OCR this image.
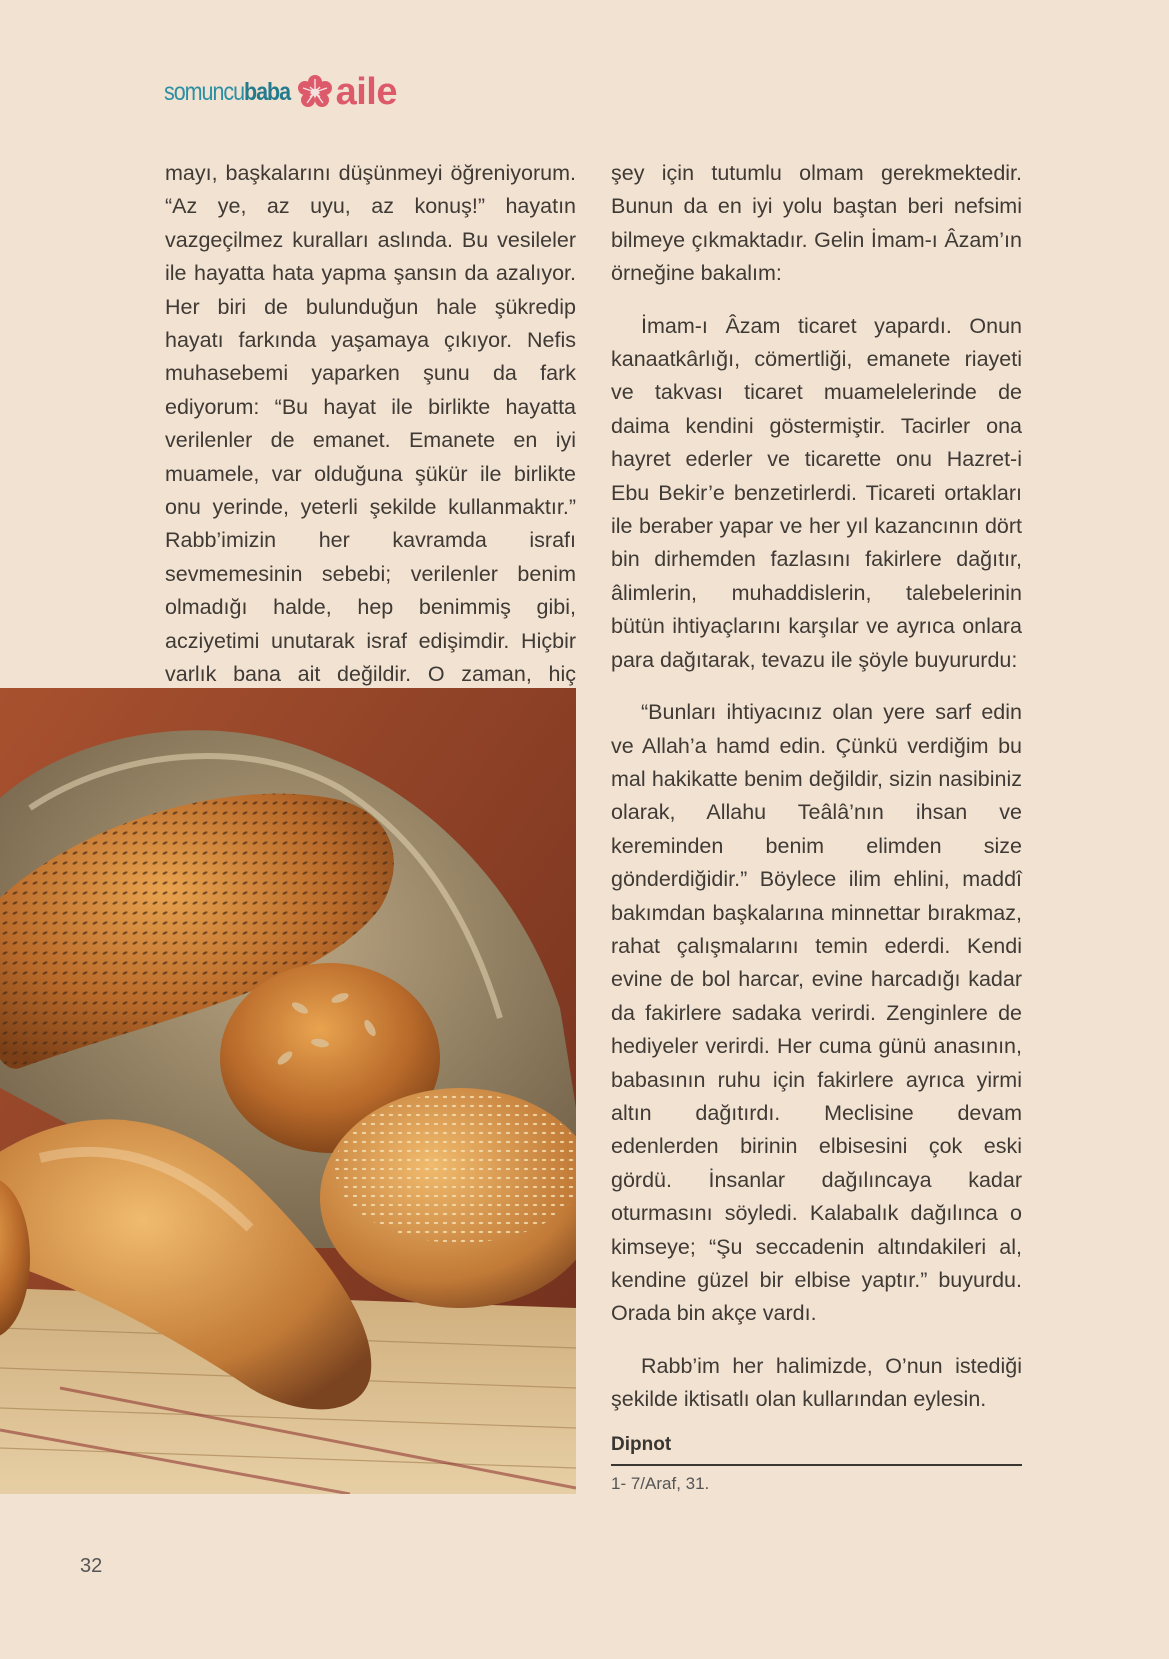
somuncubaba aile

mayı, başkalarını düşünmeyi öğreniyorum. “Az ye, az uyu, az konuş!” hayatın vazgeçilmez kuralları aslında. Bu vesileler ile hayatta hata yapma şansın da azalıyor. Her biri de bulunduğun hale şükredip hayatı farkında yaşamaya çıkıyor. Nefis muhasebemi yaparken şunu da fark ediyorum: “Bu hayat ile birlikte hayatta verilenler de emanet. Emanete en iyi muamele, var olduğuna şükür ile birlikte onu yerinde, yeterli şekilde kullanmaktır.” Rabb’imizin her kavramda israfı sevmemesinin sebebi; verilenler benim olmadığı halde, hep benimmiş gibi, acziyetimi unutarak israf edişimdir. Hiçbir varlık bana ait değildir. O zaman, hiç

şey için tutumlu olmam gerekmektedir. Bunun da en iyi yolu baştan beri nefsimi bilmeye çıkmaktadır. Gelin İmam-ı Âzam’ın örneğine bakalım:

İmam-ı Âzam ticaret yapardı. Onun kanaatkârlığı, cömertliği, emanete riayeti ve takvası ticaret muamelelerinde de daima kendini göstermiştir. Tacirler ona hayret ederler ve ticarette onu Hazret-i Ebu Bekir’e benzetirlerdi. Ticareti ortakları ile beraber yapar ve her yıl kazancının dört bin dirhemden fazlasını fakirlere dağıtır, âlimlerin, muhaddislerin, talebelerinin bütün ihtiyaçlarını karşılar ve ayrıca onlara para dağıtarak, tevazu ile şöyle buyururdu:

“Bunları ihtiyacınız olan yere sarf edin ve Allah’a hamd edin. Çünkü verdiğim bu mal hakikatte benim değildir, sizin nasibiniz olarak, Allahu Teâlâ’nın ihsan ve kereminden benim elimden size gönderdiğidir.” Böylece ilim ehlini, maddî bakımdan başkalarına minnettar bırakmaz, rahat çalışmalarını temin ederdi. Kendi evine de bol harcar, evine harcadığı kadar da fakirlere sadaka verirdi. Zenginlere de hediyeler verirdi. Her cuma günü anasının, babasının ruhu için fakirlere ayrıca yirmi altın dağıtırdı. Meclisine devam edenlerden birinin elbisesini çok eski gördü. İnsanlar dağılıncaya kadar oturmasını söyledi. Kalabalık dağılınca o kimseye; “Şu seccadenin altındakileri al, kendine güzel bir elbise yaptır.” buyurdu. Orada bin akçe vardı.

Rabb’im her halimizde, O’nun istediği şekilde iktisatlı olan kullarından eylesin.

Dipnot
1- 7/Araf, 31.
32
